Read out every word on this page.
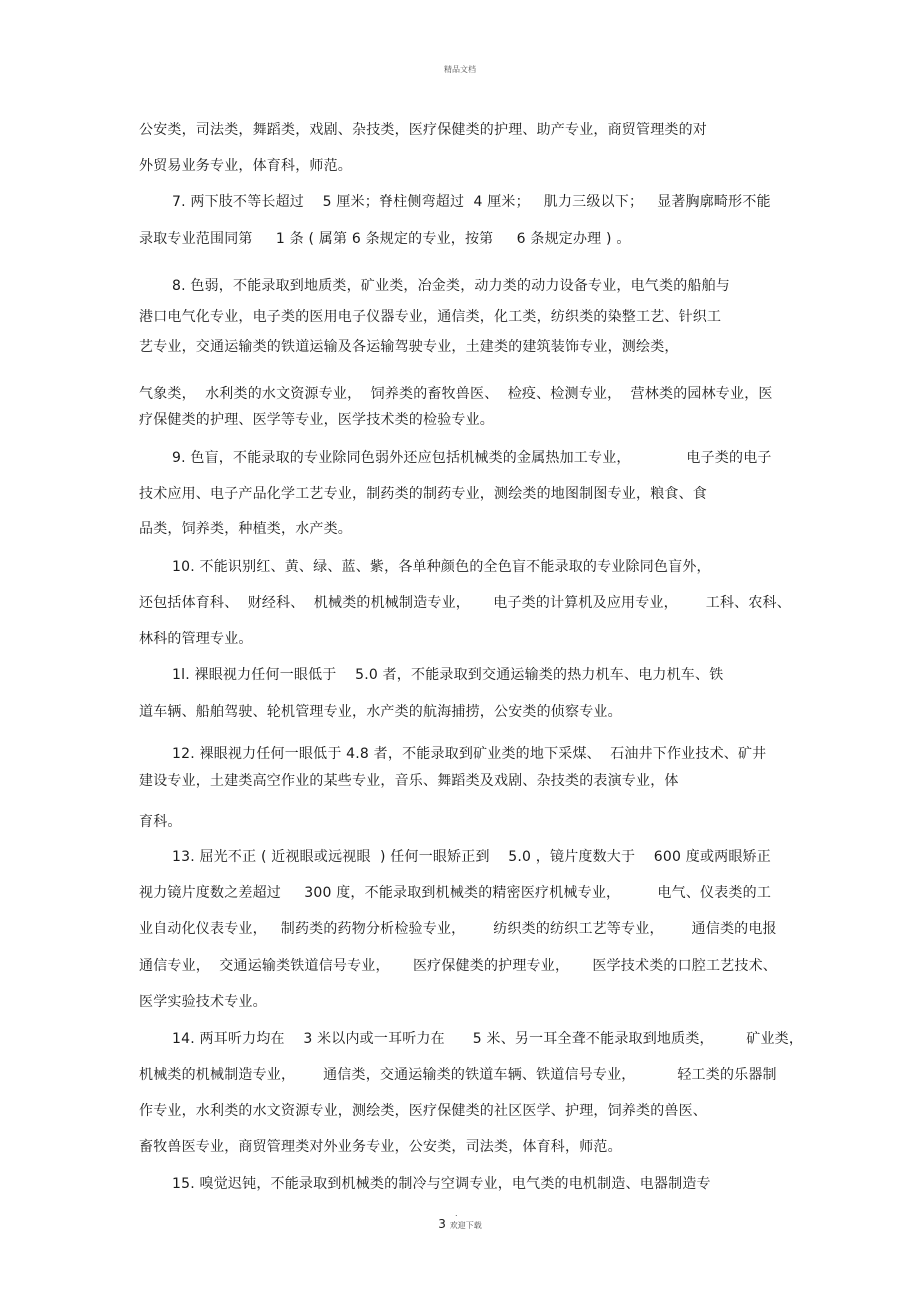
精品文档
公安类，司法类，舞蹈类，戏剧、杂技类，医疗保健类的护理、助产专业，商贸管理类的对
外贸易业务专业，体育科，师范。
7. 两下肢不等长超过    5 厘米；脊柱侧弯超过  4 厘米；   肌力三级以下；   显著胸廓畸形不能
录取专业范围同第     1 条 ( 属第 6 条规定的专业，按第     6 条规定办理 ) 。
8. 色弱，不能录取到地质类，矿业类，冶金类，动力类的动力设备专业，电气类的船舶与
港口电气化专业，电子类的医用电子仪器专业，通信类，化工类，纺织类的染整工艺、针织工
艺专业，交通运输类的铁道运输及各运输驾驶专业，土建类的建筑装饰专业，测绘类，
气象类，  水利类的水文资源专业，  饲养类的畜牧兽医、  检疫、检测专业，  营林类的园林专业，医
疗保健类的护理、医学等专业，医学技术类的检验专业。
9. 色盲，不能录取的专业除同色弱外还应包括机械类的金属热加工专业，            电子类的电子
技术应用、电子产品化学工艺专业，制药类的制药专业，测绘类的地图制图专业，粮食、食
品类，饲养类，种植类，水产类。
10. 不能识别红、黄、绿、蓝、紫，各单种颜色的全色盲不能录取的专业除同色盲外，
还包括体育科、  财经科、  机械类的机械制造专业，     电子类的计算机及应用专业，      工科、农科、
林科的管理专业。
1l. 裸眼视力任何一眼低于    5.0 者，不能录取到交通运输类的热力机车、电力机车、铁
道车辆、船舶驾驶、轮机管理专业，水产类的航海捕捞，公安类的侦察专业。
12. 裸眼视力任何一眼低于 4.8 者，不能录取到矿业类的地下采煤、  石油井下作业技术、矿井
建设专业，土建类高空作业的某些专业，音乐、舞蹈类及戏剧、杂技类的表演专业，体
育科。
13. 屈光不正 ( 近视眼或远视眼  ) 任何一眼矫正到    5.0 ，镜片度数大于    600 度或两眼矫正
视力镜片度数之差超过     300 度，不能录取到机械类的精密医疗机械专业，        电气、仪表类的工
业自动化仪表专业，   制药类的药物分析检验专业，      纺织类的纺织工艺等专业，      通信类的电报
通信专业，  交通运输类铁道信号专业，     医疗保健类的护理专业，     医学技术类的口腔工艺技术、
医学实验技术专业。
14. 两耳听力均在    3 米以内或一耳听力在      5 米、另一耳全聋不能录取到地质类，       矿业类，
机械类的机械制造专业，      通信类，交通运输类的铁道车辆、铁道信号专业，         轻工类的乐器制
作专业，水利类的水文资源专业，测绘类，医疗保健类的社区医学、护理，饲养类的兽医、
畜牧兽医专业，商贸管理类对外业务专业，公安类，司法类，体育科，师范。
15. 嗅觉迟钝，不能录取到机械类的制冷与空调专业，电气类的电机制造、电器制造专
.
3 欢迎下载
